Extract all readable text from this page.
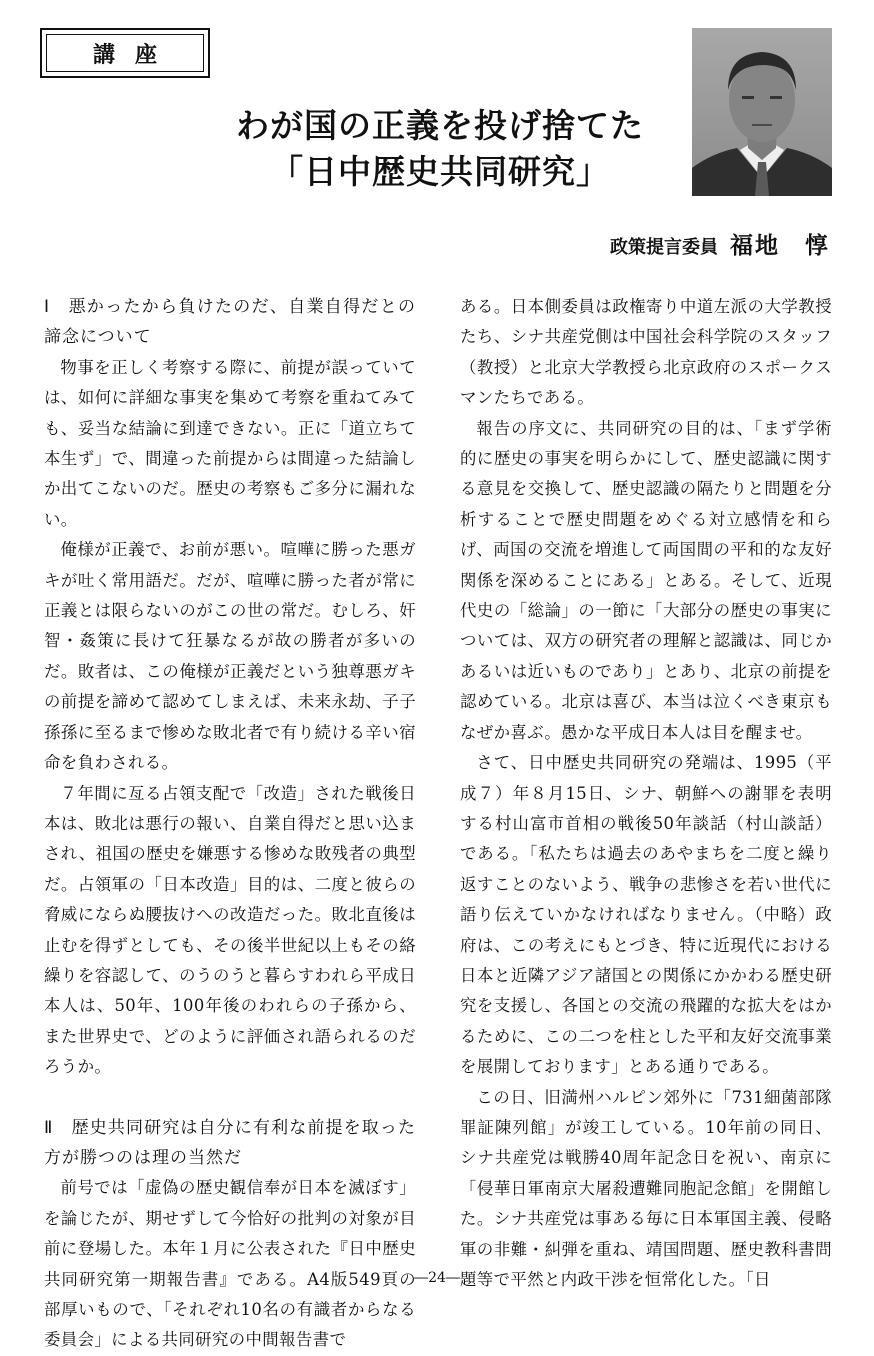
講座
わが国の正義を投げ捨てた
「日中歴史共同研究」
政策提言委員 福地　惇

Ⅰ　悪かったから負けたのだ、自業自得だとの諦念について

物事を正しく考察する際に、前提が誤っていては、如何に詳細な事実を集めて考察を重ねてみても、妥当な結論に到達できない。正に「道立ちて本生ず」で、間違った前提からは間違った結論しか出てこないのだ。歴史の考察もご多分に漏れない。

俺様が正義で、お前が悪い。喧嘩に勝った悪ガキが吐く常用語だ。だが、喧嘩に勝った者が常に正義とは限らないのがこの世の常だ。むしろ、奸智・姦策に長けて狂暴なるが故の勝者が多いのだ。敗者は、この俺様が正義だという独尊悪ガキの前提を諦めて認めてしまえば、未来永劫、子子孫孫に至るまで惨めな敗北者で有り続ける辛い宿命を負わされる。

７年間に亙る占領支配で「改造」された戦後日本は、敗北は悪行の報い、自業自得だと思い込まされ、祖国の歴史を嫌悪する惨めな敗残者の典型だ。占領軍の「日本改造」目的は、二度と彼らの脅威にならぬ腰抜けへの改造だった。敗北直後は止むを得ずとしても、その後半世紀以上もその絡繰りを容認して、のうのうと暮らすわれら平成日本人は、50年、100年後のわれらの子孫から、また世界史で、どのように評価され語られるのだろうか。

Ⅱ　歴史共同研究は自分に有利な前提を取った方が勝つのは理の当然だ

前号では「虚偽の歴史観信奉が日本を滅ぼす」を論じたが、期せずして今恰好の批判の対象が目前に登場した。本年１月に公表された『日中歴史共同研究第一期報告書』である。A4版549頁の部厚いもので、「それぞれ10名の有識者からなる委員会」による共同研究の中間報告書で

ある。日本側委員は政権寄り中道左派の大学教授たち、シナ共産党側は中国社会科学院のスタッフ（教授）と北京大学教授ら北京政府のスポークスマンたちである。

報告の序文に、共同研究の目的は、「まず学術的に歴史の事実を明らかにして、歴史認識に関する意見を交換して、歴史認識の隔たりと問題を分析することで歴史問題をめぐる対立感情を和らげ、両国の交流を増進して両国間の平和的な友好関係を深めることにある」とある。そして、近現代史の「総論」の一節に「大部分の歴史の事実については、双方の研究者の理解と認識は、同じかあるいは近いものであり」とあり、北京の前提を認めている。北京は喜び、本当は泣くべき東京もなぜか喜ぶ。愚かな平成日本人は目を醒ませ。

さて、日中歴史共同研究の発端は、1995（平成７）年８月15日、シナ、朝鮮への謝罪を表明する村山富市首相の戦後50年談話（村山談話）である。「私たちは過去のあやまちを二度と繰り返すことのないよう、戦争の悲惨さを若い世代に語り伝えていかなければなりません。（中略）政府は、この考えにもとづき、特に近現代における日本と近隣アジア諸国との関係にかかわる歴史研究を支援し、各国との交流の飛躍的な拡大をはかるために、この二つを柱とした平和友好交流事業を展開しております」とある通りである。

この日、旧満州ハルピン郊外に「731細菌部隊罪証陳列館」が竣工している。10年前の同日、シナ共産党は戦勝40周年記念日を祝い、南京に「侵華日軍南京大屠殺遭難同胞記念館」を開館した。シナ共産党は事ある毎に日本軍国主義、侵略軍の非難・糾弾を重ね、靖国問題、歴史教科書問題等で平然と内政干渉を恒常化した。「日

―24―
